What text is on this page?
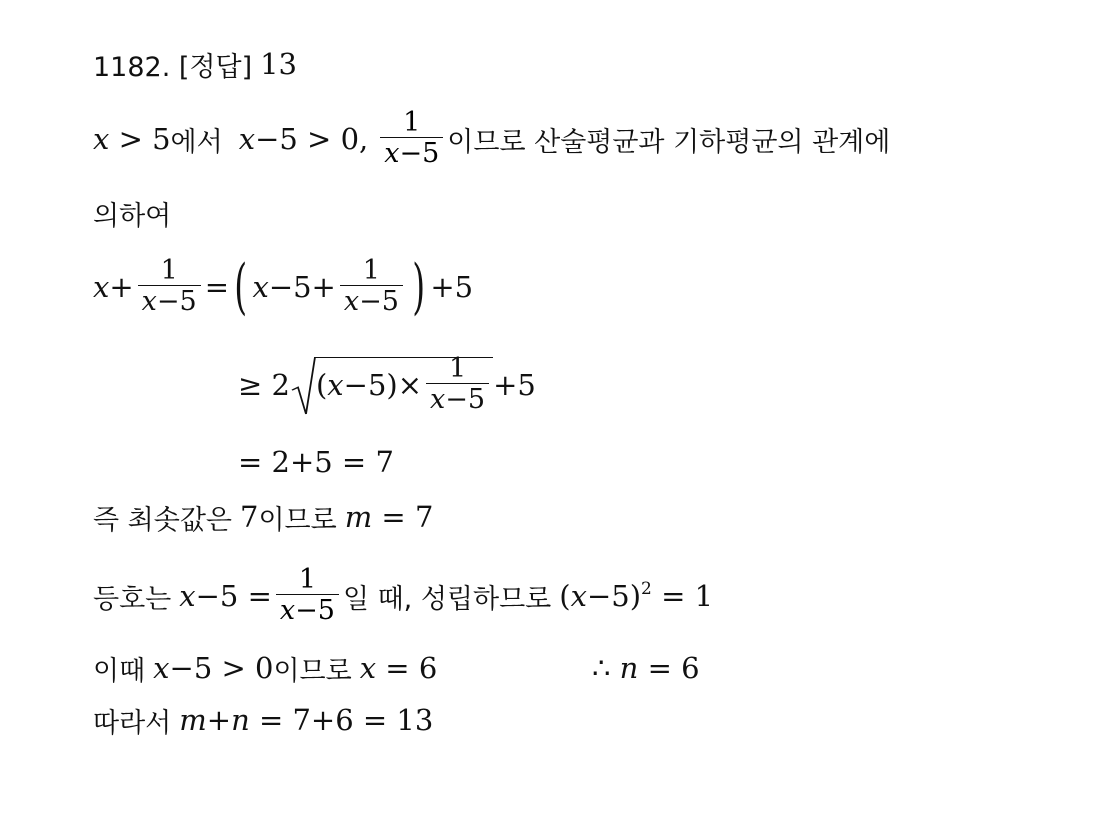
1182. [정답] 13
x > 5 에서 x−5 > 0, $\frac{1}{x-5}$ 이므로 산술평균과 기하평균의 관계에
의하여
$x+ \frac{1}{x-5}$ = ( $x-5+ \frac{1}{x-5}$ ) +5
≥ 2 $(x-5)\times \frac{1}{x-5} +5$
= 2+5 = 7
즉 최솟값은 7 이므로 m = 7
등호는 $x-5 = \frac{1}{x-5}$ 일 때, 성립하므로 $(x-5)^2 = 1$
이때 x−5 > 0 이므로 x = 6	∴ n = 6
따라서 m+n = 7+6 = 13
